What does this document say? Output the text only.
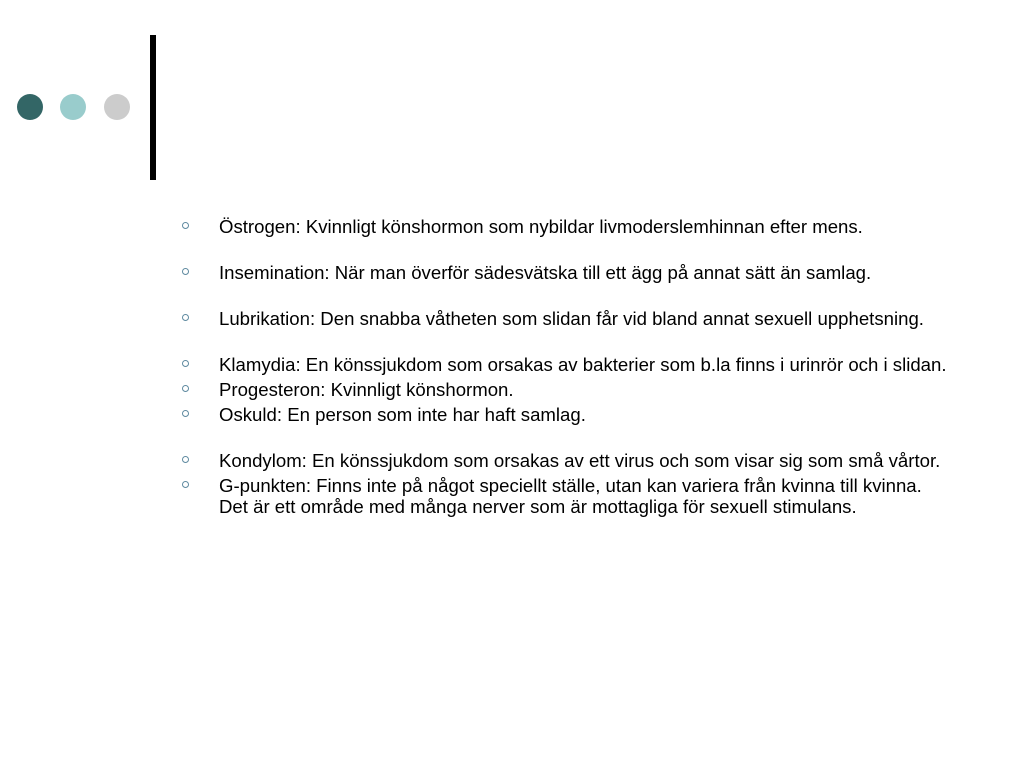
Östrogen: Kvinnligt könshormon som nybildar livmoderslemhinnan efter mens.
Insemination: När man överför sädesvätska till ett ägg på annat sätt än samlag.
Lubrikation: Den snabba våtheten som slidan får vid bland annat sexuell upphetsning.
Klamydia: En könssjukdom som orsakas av bakterier som b.la finns i urinrör och i slidan.
Progesteron: Kvinnligt könshormon.
Oskuld: En person som inte har haft samlag.
Kondylom: En könssjukdom som orsakas av ett virus och som visar sig som små vårtor.
G-punkten: Finns inte på något speciellt ställe, utan kan variera från kvinna till kvinna. Det är ett område med många nerver som är mottagliga för sexuell stimulans.
